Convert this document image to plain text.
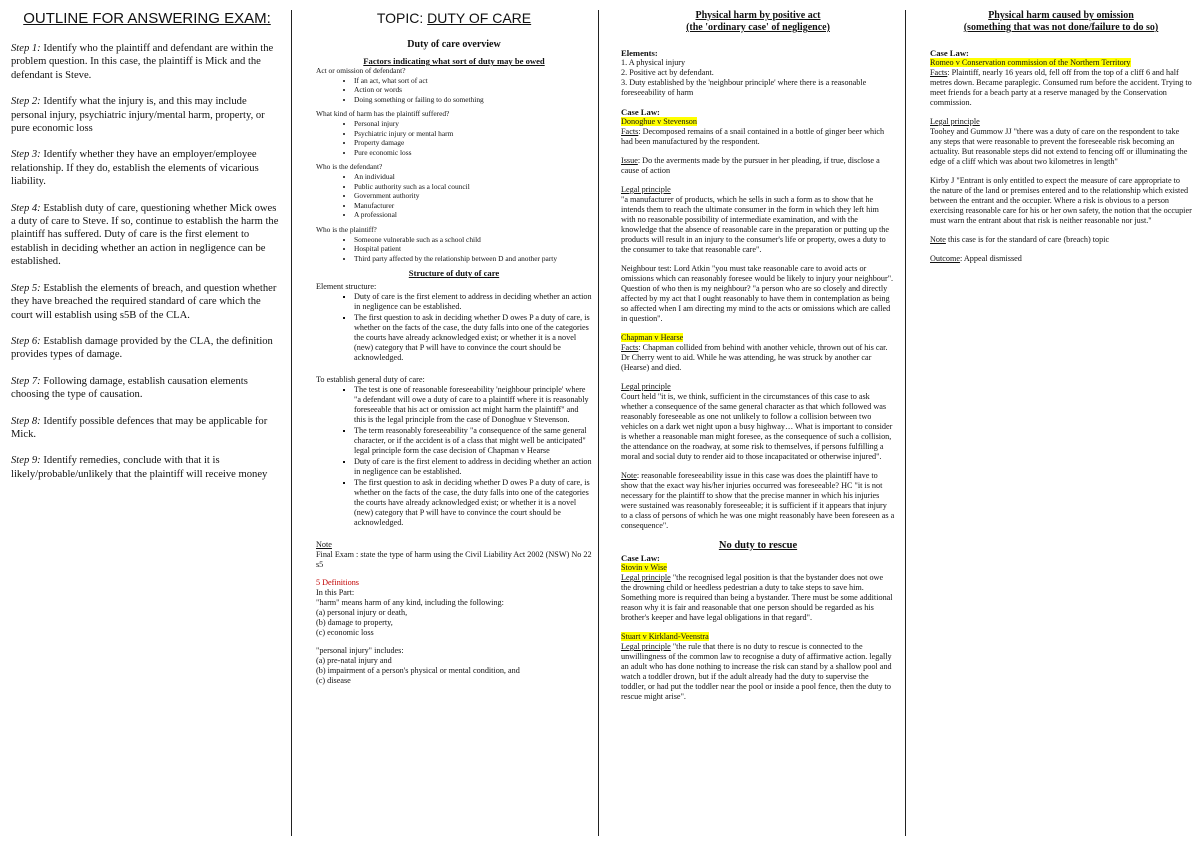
OUTLINE FOR ANSWERING EXAM:

Step 1: Identify who the plaintiff and defendant are within the problem question. In this case, the plaintiff is Mick and the defendant is Steve.

Step 2: Identify what the injury is, and this may include personal injury, psychiatric injury/mental harm, property, or pure economic loss

Step 3: Identify whether they have an employer/employee relationship. If they do, establish the elements of vicarious liability.

Step 4: Establish duty of care, questioning whether Mick owes a duty of care to Steve. If so, continue to establish the harm the plaintiff has suffered. Duty of care is the first element to establish in deciding whether an action in negligence can be established.

Step 5: Establish the elements of breach, and question whether they have breached the required standard of care which the court will establish using s5B of the CLA.

Step 6: Establish damage provided by the CLA, the definition provides types of damage.

Step 7: Following damage, establish causation elements choosing the type of causation.

Step 8: Identify possible defences that may be applicable for Mick.

Step 9: Identify remedies, conclude with that it is likely/probable/unlikely that the plaintiff will receive money

TOPIC: DUTY OF CARE
Duty of care overview
Factors indicating what sort of duty may be owed

Act or omission of defendant?

• If an act, what sort of act
• Action or words
• Doing something or failing to do something

What kind of harm has the plaintiff suffered?

• Personal injury
• Psychiatric injury or mental harm
• Property damage
• Pure economic loss

Who is the defendant?

• An individual
• Public authority such as a local council
• Government authority
• Manufacturer
• A professional

Who is the plaintiff?

• Someone vulnerable such as a school child
• Hospital patient
• Third party affected by the relationship between D and another party
Structure of duty of care

Element structure:

▪ Duty of care is the first element to address in deciding whether an action in negligence can be established.
▪ The first question to ask in deciding whether D owes P a duty of care, is whether on the facts of the case, the duty falls into one of the categories the courts have already acknowledged exist; or whether it is a novel (new) category that P will have to convince the court should be acknowledged.

To establish general duty of care:

▪ The test is one of reasonable foreseeability 'neighbour principle' where "a defendant will owe a duty of care to a plaintiff where it is reasonably foreseeable that his act or omission act might harm the plaintiff" and this is the legal principle from the case of Donoghue v Stevenson.
▪ The term reasonably foreseeability "a consequence of the same general character, or if the accident is of a class that might well be anticipated" legal principle form the case decision of Chapman v Hearse
▪ Duty of care is the first element to address in deciding whether an action in negligence can be established.
▪ The first question to ask in deciding whether D owes P a duty of care, is whether on the facts of the case, the duty falls into one of the categories the courts have already acknowledged exist; or whether it is a novel (new) category that P will have to convince the court should be acknowledged.

Note

Final Exam : state the type of harm using the Civil Liability Act 2002 (NSW) No 22 s5

5 Definitions

In this Part:

"harm" means harm of any kind, including the following:

(a) personal injury or death,

(b) damage to property,

(c) economic loss

"personal injury" includes:

(a) pre-natal injury and

(b) impairment of a person's physical or mental condition, and

(c) disease

Physical harm by positive act
(the 'ordinary case' of negligence)

Elements:

1. A physical injury

2. Positive act by defendant.

3. Duty established by the 'neighbour principle' where there is a reasonable foreseeability of harm

Case Law:

Donoghue v Stevenson

Facts: Decomposed remains of a snail contained in a bottle of ginger beer which had been manufactured by the respondent.

Issue: Do the averments made by the pursuer in her pleading, if true, disclose a cause of action

Legal principle

"a manufacturer of products, which he sells in such a form as to show that he intends them to reach the ultimate consumer in the form in which they left him with no reasonable possibility of intermediate examination, and with the knowledge that the absence of reasonable care in the preparation or putting up the products will result in an injury to the consumer's life or property, owes a duty to the consumer to take that reasonable care".

Neighbour test: Lord Atkin "you must take reasonable care to avoid acts or omissions which can reasonably foresee would be likely to injury your neighbour". Question of who then is my neighbour? "a person who are so closely and directly affected by my act that I ought reasonably to have them in contemplation as being so affected when I am directing my mind to the acts or omissions which are called in question".

Chapman v Hearse

Facts: Chapman collided from behind with another vehicle, thrown out of his car. Dr Cherry went to aid. While he was attending, he was struck by another car (Hearse) and died.

Legal principle

Court held "it is, we think, sufficient in the circumstances of this case to ask whether a consequence of the same general character as that which followed was reasonably foreseeable as one not unlikely to follow a collision between two vehicles on a dark wet night upon a busy highway… What is important to consider is whether a reasonable man might foresee, as the consequence of such a collision, the attendance on the roadway, at some risk to themselves, if persons fulfilling a moral and social duty to render aid to those incapacitated or otherwise injured".

Note: reasonable foreseeability issue in this case was does the plaintiff have to show that the exact way his/her injuries occurred was foreseeable? HC "it is not necessary for the plaintiff to show that the precise manner in which his injuries were sustained was reasonably foreseeable; it is sufficient if it appears that injury to a class of persons of which he was one might reasonably have been foreseen as a consequence".

No duty to rescue

Case Law:

Stovin v Wise

Legal principle "the recognised legal position is that the bystander does not owe the drowning child or heedless pedestrian a duty to take steps to save him. Something more is required than being a bystander. There must be some additional reason why it is fair and reasonable that one person should be regarded as his brother's keeper and have legal obligations in that regard".

Stuart v Kirkland-Veenstra

Legal principle "the rule that there is no duty to rescue is connected to the unwillingness of the common law to recognise a duty of affirmative action. legally an adult who has done nothing to increase the risk can stand by a shallow pool and watch a toddler drown, but if the adult already had the duty to supervise the toddler, or had put the toddler near the pool or inside a pool fence, then the duty to rescue might arise".

Physical harm caused by omission
(something that was not done/failure to do so)

Case Law:

Romeo v Conservation commission of the Northern Territory

Facts: Plaintiff, nearly 16 years old, fell off from the top of a cliff 6 and half metres down. Became paraplegic. Consumed rum before the accident. Trying to meet friends for a beach party at a reserve managed by the Conservation commission.

Legal principle

Toohey and Gummow JJ "there was a duty of care on the respondent to take any steps that were reasonable to prevent the foreseeable risk becoming an actuality. But reasonable steps did not extend to fencing off or illuminating the edge of a cliff which was about two kilometres in length"

Kirby J "Entrant is only entitled to expect the measure of care appropriate to the nature of the land or premises entered and to the relationship which existed between the entrant and the occupier. Where a risk is obvious to a person exercising reasonable care for his or her own safety, the notion that the occupier must warn the entrant about that risk is neither reasonable nor just."

Note this case is for the standard of care (breach) topic

Outcome: Appeal dismissed
